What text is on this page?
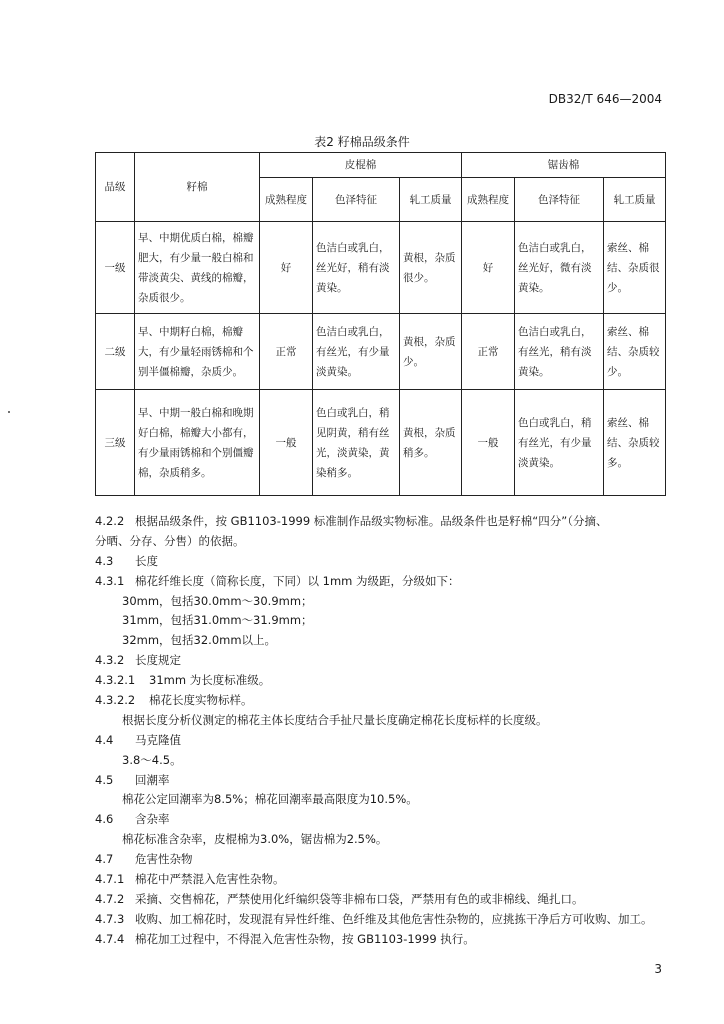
DB32/T 646—2004
表2 籽棉品级条件
品级	籽棉	皮棍棉			锯齿棉		
		成熟程度	色泽特征	轧工质量	成熟程度	色泽特征	轧工质量
一级	早、中期优质白棉，棉瓣肥大，有少量一般白棉和带淡黄尖、黄线的棉瓣，杂质很少。	好	色洁白或乳白，丝光好，稍有淡黄染。	黄根，杂质很少。	好	色洁白或乳白，丝光好，微有淡黄染。	索丝、棉结、杂质很少。
二级	早、中期籽白棉，棉瓣大，有少量轻雨锈棉和个别半僵棉瓣，杂质少。	正常	色洁白或乳白，有丝光，有少量淡黄染。	黄根，杂质少。	正常	色洁白或乳白，有丝光，稍有淡黄染。	索丝、棉结、杂质较少。
三级	早、中期一般白棉和晚期好白棉，棉瓣大小都有，有少量雨锈棉和个别僵瓣棉，杂质稍多。	一般	色白或乳白，稍见阴黄，稍有丝光，淡黄染，黄染稍多。	黄根，杂质稍多。	一般	色白或乳白，稍有丝光，有少量淡黄染。	索丝、棉结、杂质较多。
4.2.2 根据品级条件，按 GB1103-1999 标准制作品级实物标准。品级条件也是籽棉“四分”（分摘、
分晒、分存、分售）的依据。
4.3 长度
4.3.1 棉花纤维长度（简称长度，下同）以 1mm 为级距，分级如下：
30mm，包括30.0mm～30.9mm；
31mm，包括31.0mm～31.9mm；
32mm，包括32.0mm以上。
4.3.2 长度规定
4.3.2.1 31mm 为长度标准级。
4.3.2.2 棉花长度实物标样。
根据长度分析仪测定的棉花主体长度结合手扯尺量长度确定棉花长度标样的长度级。
4.4 马克隆值
3.8～4.5。
4.5 回潮率
棉花公定回潮率为8.5%；棉花回潮率最高限度为10.5%。
4.6 含杂率
棉花标准含杂率，皮棍棉为3.0%，锯齿棉为2.5%。
4.7 危害性杂物
4.7.1 棉花中严禁混入危害性杂物。
4.7.2 采摘、交售棉花，严禁使用化纤编织袋等非棉布口袋，严禁用有色的或非棉线、绳扎口。
4.7.3 收购、加工棉花时，发现混有异性纤维、色纤维及其他危害性杂物的，应挑拣干净后方可收购、加工。
4.7.4 棉花加工过程中，不得混入危害性杂物，按 GB1103-1999 执行。
3
